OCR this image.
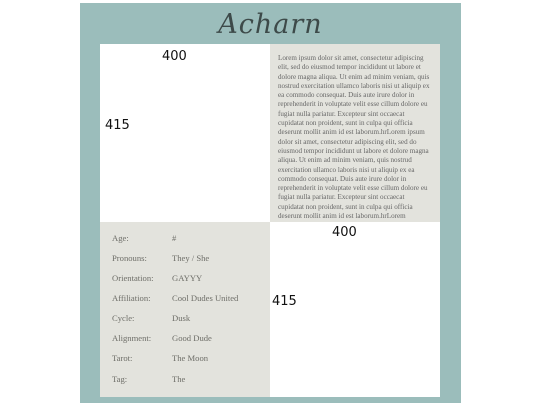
Acharn
400
415

Lorem ipsum dolor sit amet, consectetur adipiscing elit, sed do eiusmod tempor incididunt ut labore et dolore magna aliqua. Ut enim ad minim veniam, quis nostrud exercitation ullamco laboris nisi ut aliquip ex ea commodo consequat. Duis aute irure dolor in reprehenderit in voluptate velit esse cillum dolore eu fugiat nulla pariatur. Excepteur sint occaecat cupidatat non proident, sunt in culpa qui officia deserunt mollit anim id est laborum.hrLorem ipsum dolor sit amet, consectetur adipiscing elit, sed do eiusmod tempor incididunt ut labore et dolore magna aliqua. Ut enim ad minim veniam, quis nostrud exercitation ullamco laboris nisi ut aliquip ex ea commodo consequat. Duis aute irure dolor in reprehenderit in voluptate velit esse cillum dolore eu fugiat nulla pariatur. Excepteur sint occaecat cupidatat non proident, sunt in culpa qui officia deserunt mollit anim id est laborum.hrLorem

Age:	#
Pronouns:	They / She
Orientation: GAYYY
Affiliation: Cool Dudes United
Cycle:	Dusk
Alignment: Good Dude
Tarot:	The Moon
Tag:	The
400
415
